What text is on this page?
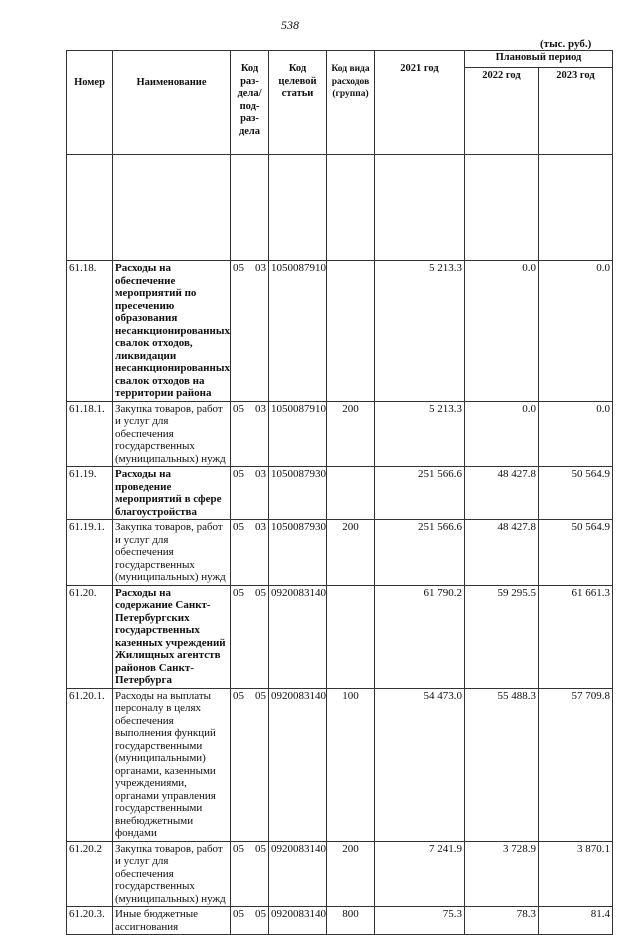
538
(тыс. руб.)
Номер	Наименование	Код раз-дела/ под-раз-дела	Код целевой статьи	Код вида расходов (группа)	2021 год	Плановый период	
						2022 год	2023 год

61.18.	Расходы на обеспечение мероприятий по пресечению образования несанкционированных свалок отходов, ликвидации несанкционированных свалок отходов на территории района	05 03	1050087910		5 213.3	0.0	0.0
61.18.1.	Закупка товаров, работ и услуг для обеспечения государственных (муниципальных) нужд	05 03	1050087910	200	5 213.3	0.0	0.0
61.19.	Расходы на проведение мероприятий в сфере благоустройства	05 03	1050087930		251 566.6	48 427.8	50 564.9
61.19.1.	Закупка товаров, работ и услуг для обеспечения государственных (муниципальных) нужд	05 03	1050087930	200	251 566.6	48 427.8	50 564.9
61.20.	Расходы на содержание Санкт-Петербургских государственных казенных учреждений Жилищных агентств районов Санкт-Петербурга	05 05	0920083140		61 790.2	59 295.5	61 661.3
61.20.1.	Расходы на выплаты персоналу в целях обеспечения выполнения функций государственными (муниципальными) органами, казенными учреждениями, органами управления государственными внебюджетными фондами	05 05	0920083140	100	54 473.0	55 488.3	57 709.8
61.20.2	Закупка товаров, работ и услуг для обеспечения государственных (муниципальных) нужд	05 05	0920083140	200	7 241.9	3 728.9	3 870.1
61.20.3.	Иные бюджетные ассигнования	05 05	0920083140	800	75.3	78.3	81.4
